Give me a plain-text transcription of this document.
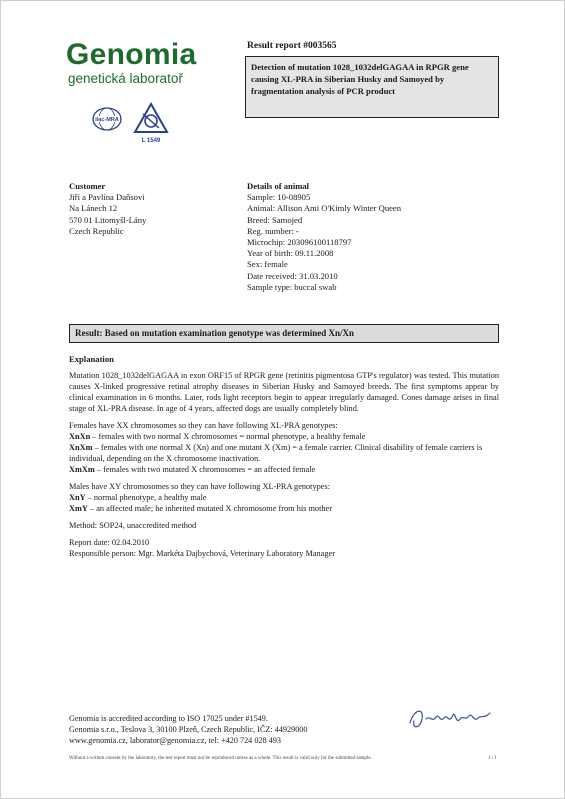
Genomia
genetická laboratoř
ilac-MRA
L 1549
Result report #003565
Detection of mutation 1028_1032delGAGAA in RPGR gene causing XL-PRA in Siberian Husky and Samoyed by fragmentation analysis of PCR product
Customer
Jiří a Pavlína Daňsovi
Na Lánech 12
570 01 Litomyšl-Lány
Czech Republic
Details of animal
Sample: 10-08905
Animal: Allison Ami O'Kimly Winter Queen
Breed: Samojed
Reg. number: -
Microchip: 203096100118797
Year of birth: 09.11.2008
Sex: female
Date received: 31.03.2010
Sample type: buccal swab
Result: Based on mutation examination genotype was determined Xn/Xn

Explanation

Mutation 1028_1032delGAGAA in exon ORF15 of RPGR gene (retinitis pigmentosa GTP's regulator) was tested. This mutation causes X-linked progressive retinal atrophy diseases in Siberian Husky and Samoyed breeds. The first symptoms appear by clinical examination in 6 months. Later, rods light receptors begin to appear irregularly damaged. Cones damage arises in final stage of XL-PRA disease. In age of 4 years, affected dogs are usually completely blind.

Females have XX chromosomes so they can have following XL-PRA genotypes:

XnXn – females with two normal X chromosomes = normal phenotype, a healthy female

XnXm – females with one normal X (Xn) and one mutant X (Xm) = a female carrier. Clinical disability of female carriers is individual, depending on the X chromosome inactivation.

XmXm – females with two mutated X chromosomes = an affected female

Males have XY chromosomes so they can have following XL-PRA genotypes:

XnY – normal phenotype, a healthy male

XmY – an affected male; he inherited mutated X chromosome from his mother

Method: SOP24, unaccredited method

Report date: 02.04.2010

Responsible person: Mgr. Markéta Dajbychová, Veterinary Laboratory Manager

Genomia is accredited according to ISO 17025 under #1549.
Genomia s.r.o., Teslova 3, 30100 Plzeň, Czech Republic, IČZ: 44929000
www.genomia.cz, laborator@genomia.cz, tel: +420 724 028 493
Without a written consent by the laboratory, the test report must not be reproduced unless as a whole. This result is valid only for the submitted sample.	1 / 1
